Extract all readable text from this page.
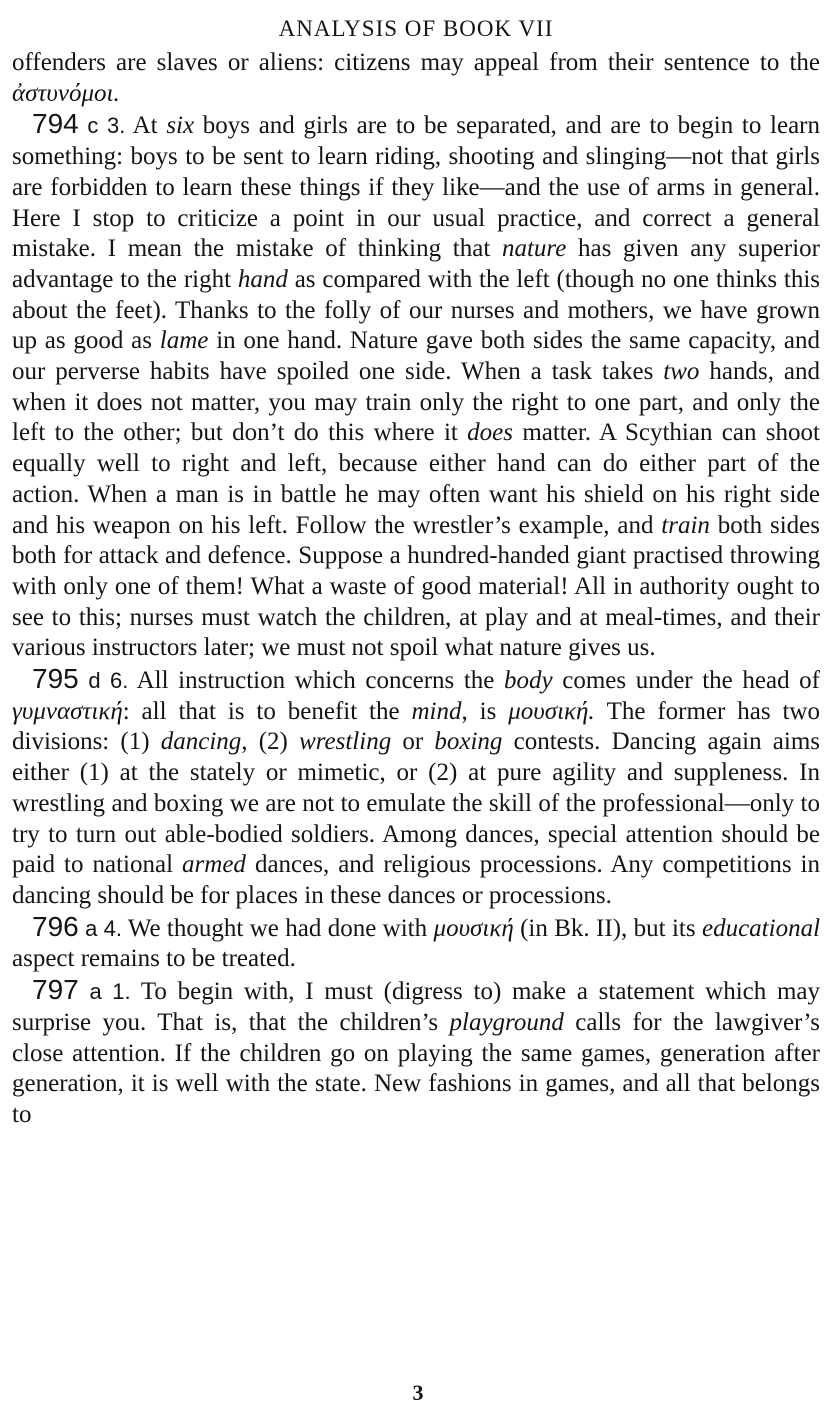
ANALYSIS OF BOOK VII

offenders are slaves or aliens: citizens may appeal from their sentence to the ἀστυνόμοι.

794 c 3. At six boys and girls are to be separated, and are to begin to learn something: boys to be sent to learn riding, shooting and slinging—not that girls are forbidden to learn these things if they like—and the use of arms in general. Here I stop to criticize a point in our usual practice, and correct a general mistake. I mean the mistake of thinking that nature has given any superior advantage to the right hand as compared with the left (though no one thinks this about the feet). Thanks to the folly of our nurses and mothers, we have grown up as good as lame in one hand. Nature gave both sides the same capacity, and our perverse habits have spoiled one side. When a task takes two hands, and when it does not matter, you may train only the right to one part, and only the left to the other; but don’t do this where it does matter. A Scythian can shoot equally well to right and left, because either hand can do either part of the action. When a man is in battle he may often want his shield on his right side and his weapon on his left. Follow the wrestler’s example, and train both sides both for attack and defence. Suppose a hundred-handed giant practised throwing with only one of them! What a waste of good material! All in authority ought to see to this; nurses must watch the children, at play and at meal-times, and their various instructors later; we must not spoil what nature gives us.

795 d 6. All instruction which concerns the body comes under the head of γυμναστική: all that is to benefit the mind, is μουσική. The former has two divisions: (1) dancing, (2) wrestling or boxing contests. Dancing again aims either (1) at the stately or mimetic, or (2) at pure agility and suppleness. In wrestling and boxing we are not to emulate the skill of the professional—only to try to turn out able-bodied soldiers. Among dances, special attention should be paid to national armed dances, and religious processions. Any competitions in dancing should be for places in these dances or processions.

796 a 4. We thought we had done with μουσική (in Bk. II), but its educational aspect remains to be treated.

797 a 1. To begin with, I must (digress to) make a statement which may surprise you. That is, that the children’s playground calls for the lawgiver’s close attention. If the children go on playing the same games, generation after generation, it is well with the state. New fashions in games, and all that belongs to

3
